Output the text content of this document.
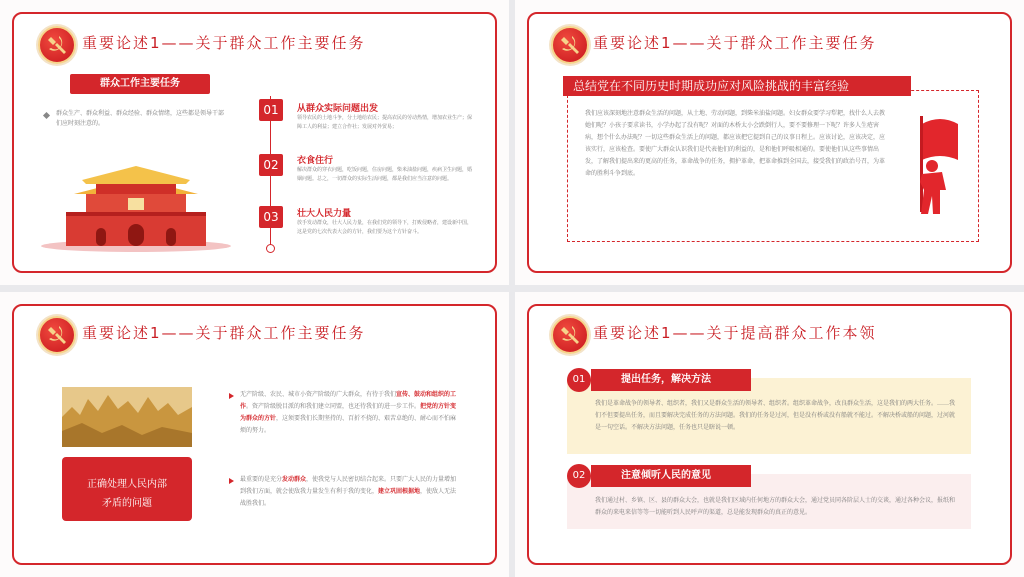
重要论述1——关于群众工作主要任务
群众工作主要任务
群众生产、群众利益、群众经验、群众情绪，这些都是领导干部们应时刻注意的。
01	从群众实际问题出发
领导农民的土地斗争，分土地给农民；提高农民的劳动热情，增加农业生产；保障工人的利益；建立合作社；发展对外贸易；
02	衣食住行
解决群众的穿衣问题，吃饭问题，住房问题，柴米油盐问题，疾病卫生问题，婚姻问题。总之，一切群众的实际生活问题，都是我们应当注意的问题。
03	壮大人民力量
放手发动群众，壮大人民力量，在我们党的领导下，打败侵略者，建设新中国，这是党的七次代表大会的方针，我们要为这个方针奋斗。
重要论述1——关于群众工作主要任务
总结党在不同历史时期成功应对风险挑战的丰富经验
我们应该深刻地注意群众生活的问题，从土地、劳动问题，到柴米油盐问题。妇女群众要学习犁耙，找什么人去教她们呢？小孩子要求读书，小学办起了没有呢？对面的木桥太小会跌倒行人，要不要修理一下呢？许多人生疮害病，想个什么办法呢？一切这些群众生活上的问题，都应该把它提到自己的议事日程上。应该讨论，应该决定，应该实行，应该检查。要使广大群众认识我们是代表他们的利益的，是和他们呼吸相通的。要使他们从这些事情出发，了解我们提出来的更高的任务，革命战争的任务，拥护革命，把革命推到全国去，接受我们的政治号召，为革命的胜利斗争到底。
重要论述1——关于群众工作主要任务
正确处理人民内部
矛盾的问题
无产阶级、农民、城市小资产阶级的广大群众，有待于我们宣传、鼓动和组织的工作。资产阶级脱目派的和我们建立同盟，也还待我们的进一步工作。把党的方针变为群众的方针，这须要我们长期坚持的、百折不挠的、艰苦卓绝的、耐心而不怕麻烦的努力。
最重要的是充分发动群众，使我党与人民密切结合起来。只要广大人民的力量增加到我们方面，就会使敌我力量发生有利于我的变化，建立巩固根据地，使敌人无法战胜我们。
重要论述1——关于提高群众工作本领
01	提出任务，解决方法
我们是革命战争的领导者、组织者，我们又是群众生活的领导者、组织者。组织革命战争，改良群众生活，这是我们的两大任务。……我们不但要提出任务，而且要解决完成任务的方法问题。我们的任务是过河，但是没有桥或没有船就不能过。不解决桥或船的问题，过河就是一句空话。不解决方法问题，任务也只是瞎说一顿。
02	注意倾听人民的意见
我们通过村、乡镇、区、县的群众大会，也就是我们区域内任何地方的群众大会，通过党员同各阶层人士的交谈，通过各种会议，报纸和群众的来电来信等等一切能听到人民呼声的渠道，总是能发现群众的真正的意见。
